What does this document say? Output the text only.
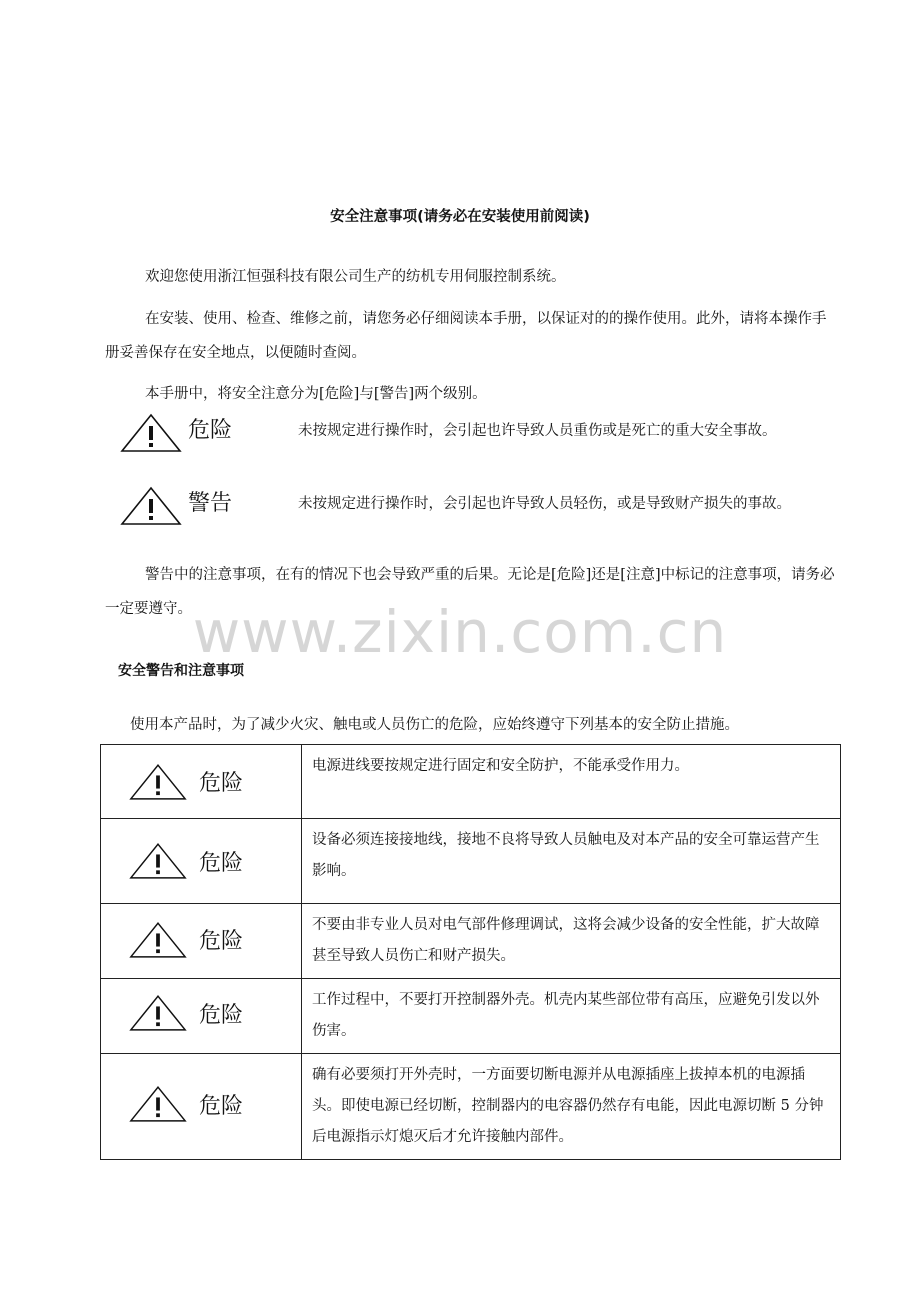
安全注意事项(请务必在安装使用前阅读)
欢迎您使用浙江恒强科技有限公司生产的纺机专用伺服控制系统。
在安装、使用、检查、维修之前，请您务必仔细阅读本手册，以保证对的的操作使用。此外，请将本操作手册妥善保存在安全地点，以便随时查阅。
本手册中，将安全注意分为[危险]与[警告]两个级别。
危险	未按规定进行操作时，会引起也许导致人员重伤或是死亡的重大安全事故。
警告	未按规定进行操作时，会引起也许导致人员轻伤，或是导致财产损失的事故。
警告中的注意事项，在有的情况下也会导致严重的后果。无论是[危险]还是[注意]中标记的注意事项，请务必一定要遵守。 www.zixin.com.cn
安全警告和注意事项
使用本产品时，为了减少火灾、触电或人员伤亡的危险，应始终遵守下列基本的安全防止措施。
危险	电源进线要按规定进行固定和安全防护，不能承受作用力。

危险	设备必须连接接地线，接地不良将导致人员触电及对本产品的安全可靠运营产生影响。

危险	不要由非专业人员对电气部件修理调试，这将会减少设备的安全性能，扩大故障甚至导致人员伤亡和财产损失。

危险	工作过程中，不要打开控制器外壳。机壳内某些部位带有高压，应避免引发以外伤害。

危险	确有必要须打开外壳时，一方面要切断电源并从电源插座上拔掉本机的电源插头。即使电源已经切断，控制器内的电容器仍然存有电能，因此电源切断 5 分钟后电源指示灯熄灭后才允许接触内部件。
